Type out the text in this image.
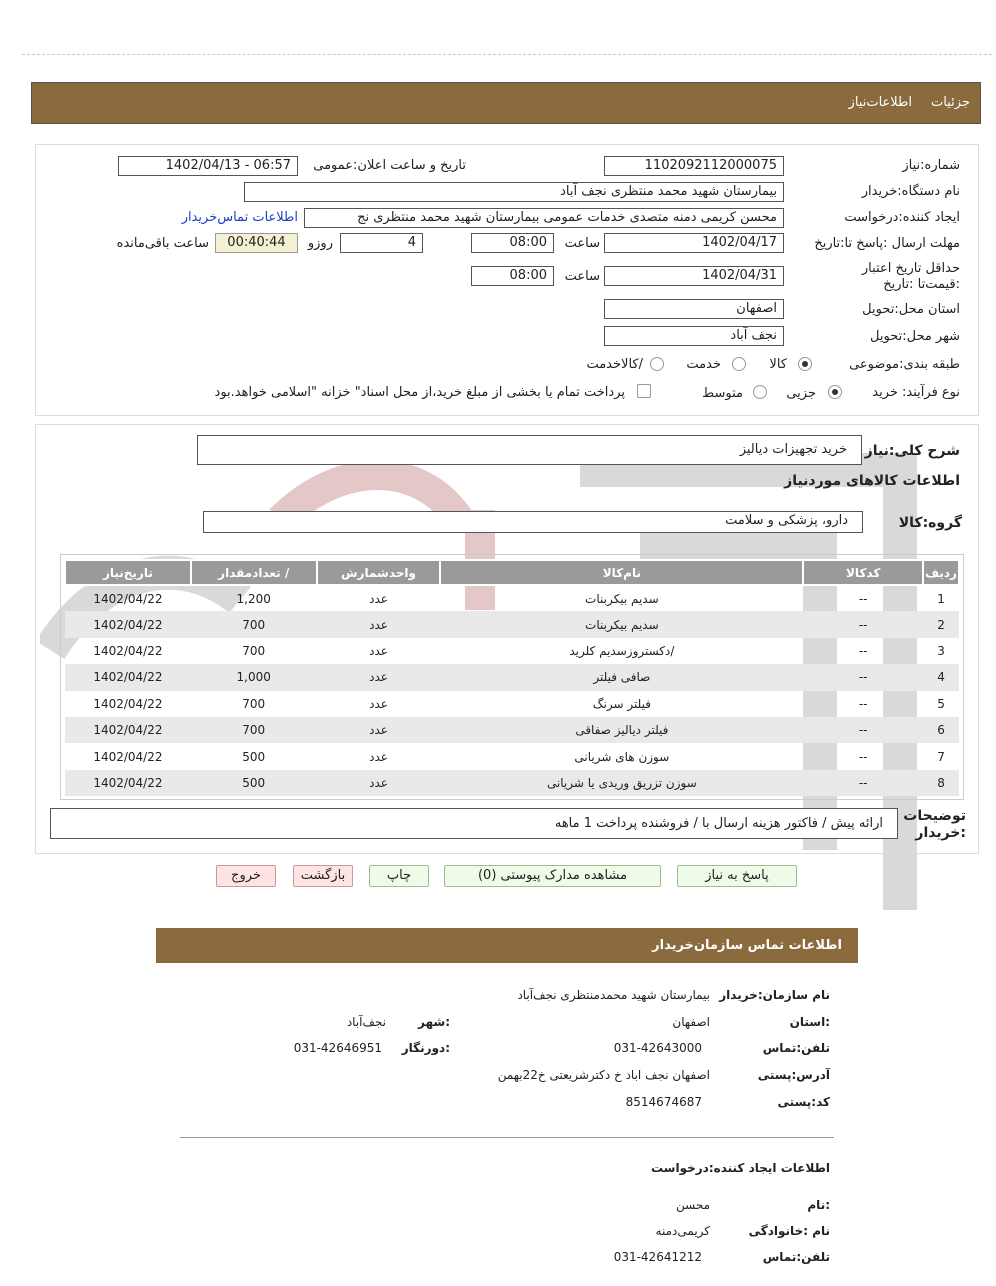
جزئیات
اطلاعات‌نیاز
شماره:نیاز
1102092112000075
تاریخ و ساعت اعلان:عمومی
1402/04/13 - 06:57
نام دستگاه:خریدار
بیمارستان شهید محمد منتظری نجف آباد
ایجاد کننده:درخواست
محسن کریمی دمنه متصدی خدمات عمومی بیمارستان شهید محمد منتظری نج
اطلاعات تماس‌خریدار
مهلت ارسال :پاسخ تا:تاریخ
1402/04/17
ساعت
08:00
4
روزو
00:40:44
ساعت باقی‌مانده
حداقل تاریخ اعتبار :قیمت‌تا :تاریخ
1402/04/31
ساعت
08:00
استان محل:تحویل
اصفهان
شهر محل:تحویل
نجف آباد
طبقه بندی:موضوعی
کالا
خدمت
/کالاخدمت
نوع فرآیند: خرید
جزیی
متوسط
پرداخت تمام یا بخشی از مبلغ خرید،از محل اسناد" خزانه "اسلامی خواهد.بود
شرح کلی:نیاز
خرید تجهیزات دیالیز
اطلاعات کالاهای موردنیاز
گروه:کالا
دارو، پزشکی و سلامت
ردیف	کدکالا	نام‌کالا	واحدشمارش	/ تعدادمقدار	تاریخ‌نیاز
1	--	سدیم بیکربنات	عدد	1,200	1402/04/22
2	--	سدیم بیکربنات	عدد	700	1402/04/22
3	--	/دکستروزسدیم کلرید	عدد	700	1402/04/22
4	--	صافی فیلتر	عدد	1,000	1402/04/22
5	--	فیلتر سرنگ	عدد	700	1402/04/22
6	--	فیلتر دیالیز صفاقی	عدد	700	1402/04/22
7	--	سوزن های شریانی	عدد	500	1402/04/22
8	--	سوزن تزریق وریدی یا شریانی	عدد	500	1402/04/22
توضیحات :خریدار
ارائه پیش / فاکتور هزینه ارسال با / فروشنده پرداخت 1 ماهه
پاسخ به نیاز
مشاهده مدارک پیوستی (0)
چاپ
بازگشت
خروج
اطلاعات تماس سازمان‌خریدار
نام سازمان:خریدار
بیمارستان شهید محمدمنتظری نجف‌آباد
:استان
اصفهان
:شهر
نجف‌آباد
تلفن:تماس
031-42643000
:دورنگار
031-42646951
آدرس:پستی
اصفهان نجف اباد خ دکترشریعتی خ22بهمن
کد:پستی
8514674687
اطلاعات ایجاد کننده:درخواست
:نام
محسن
نام :خانوادگی
کریمی‌دمنه
تلفن:تماس
031-42641212
